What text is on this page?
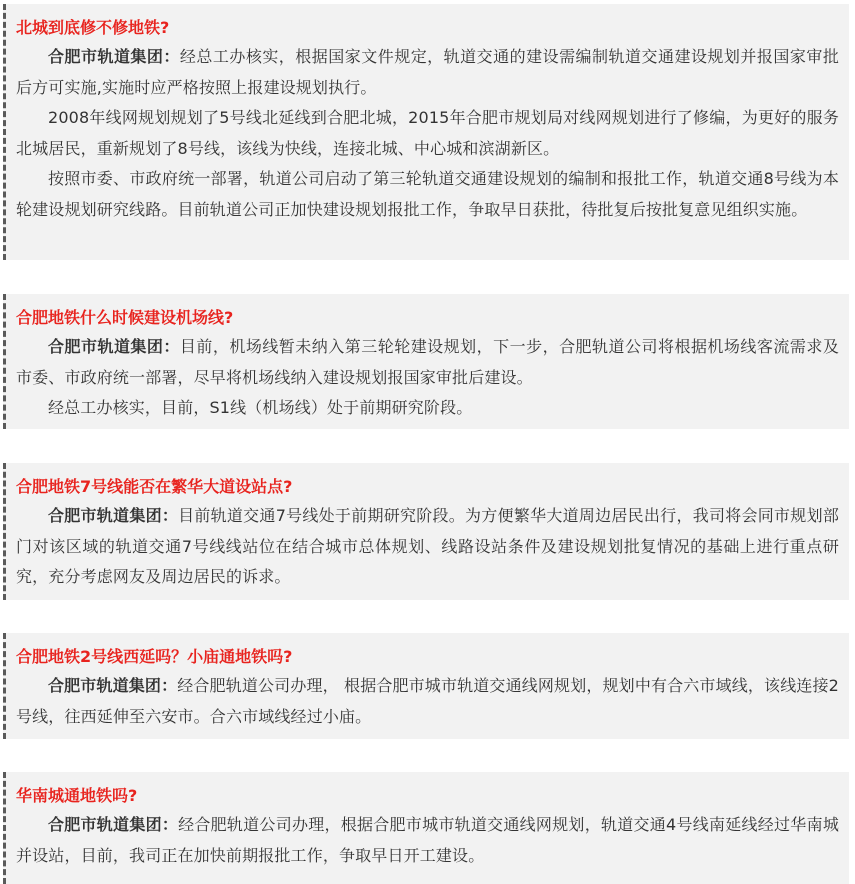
北城到底修不修地铁?

合肥市轨道集团：经总工办核实，根据国家文件规定，轨道交通的建设需编制轨道交通建设规划并报国家审批后方可实施,实施时应严格按照上报建设规划执行。

2008年线网规划规划了5号线北延线到合肥北城，2015年合肥市规划局对线网规划进行了修编，为更好的服务北城居民，重新规划了8号线，该线为快线，连接北城、中心城和滨湖新区。

按照市委、市政府统一部署，轨道公司启动了第三轮轨道交通建设规划的编制和报批工作，轨道交通8号线为本轮建设规划研究线路。目前轨道公司正加快建设规划报批工作，争取早日获批，待批复后按批复意见组织实施。

合肥地铁什么时候建设机场线?

合肥市轨道集团：目前，机场线暂未纳入第三轮轮建设规划，下一步，合肥轨道公司将根据机场线客流需求及市委、市政府统一部署，尽早将机场线纳入建设规划报国家审批后建设。

经总工办核实，目前，S1线（机场线）处于前期研究阶段。

合肥地铁7号线能否在繁华大道设站点?

合肥市轨道集团：目前轨道交通7号线处于前期研究阶段。为方便繁华大道周边居民出行，我司将会同市规划部门对该区域的轨道交通7号线线站位在结合城市总体规划、线路设站条件及建设规划批复情况的基础上进行重点研究，充分考虑网友及周边居民的诉求。

合肥地铁2号线西延吗？小庙通地铁吗?

合肥市轨道集团：经合肥轨道公司办理， 根据合肥市城市轨道交通线网规划，规划中有合六市域线，该线连接2号线，往西延伸至六安市。合六市域线经过小庙。

华南城通地铁吗?

合肥市轨道集团：经合肥轨道公司办理，根据合肥市城市轨道交通线网规划，轨道交通4号线南延线经过华南城并设站，目前，我司正在加快前期报批工作，争取早日开工建设。
